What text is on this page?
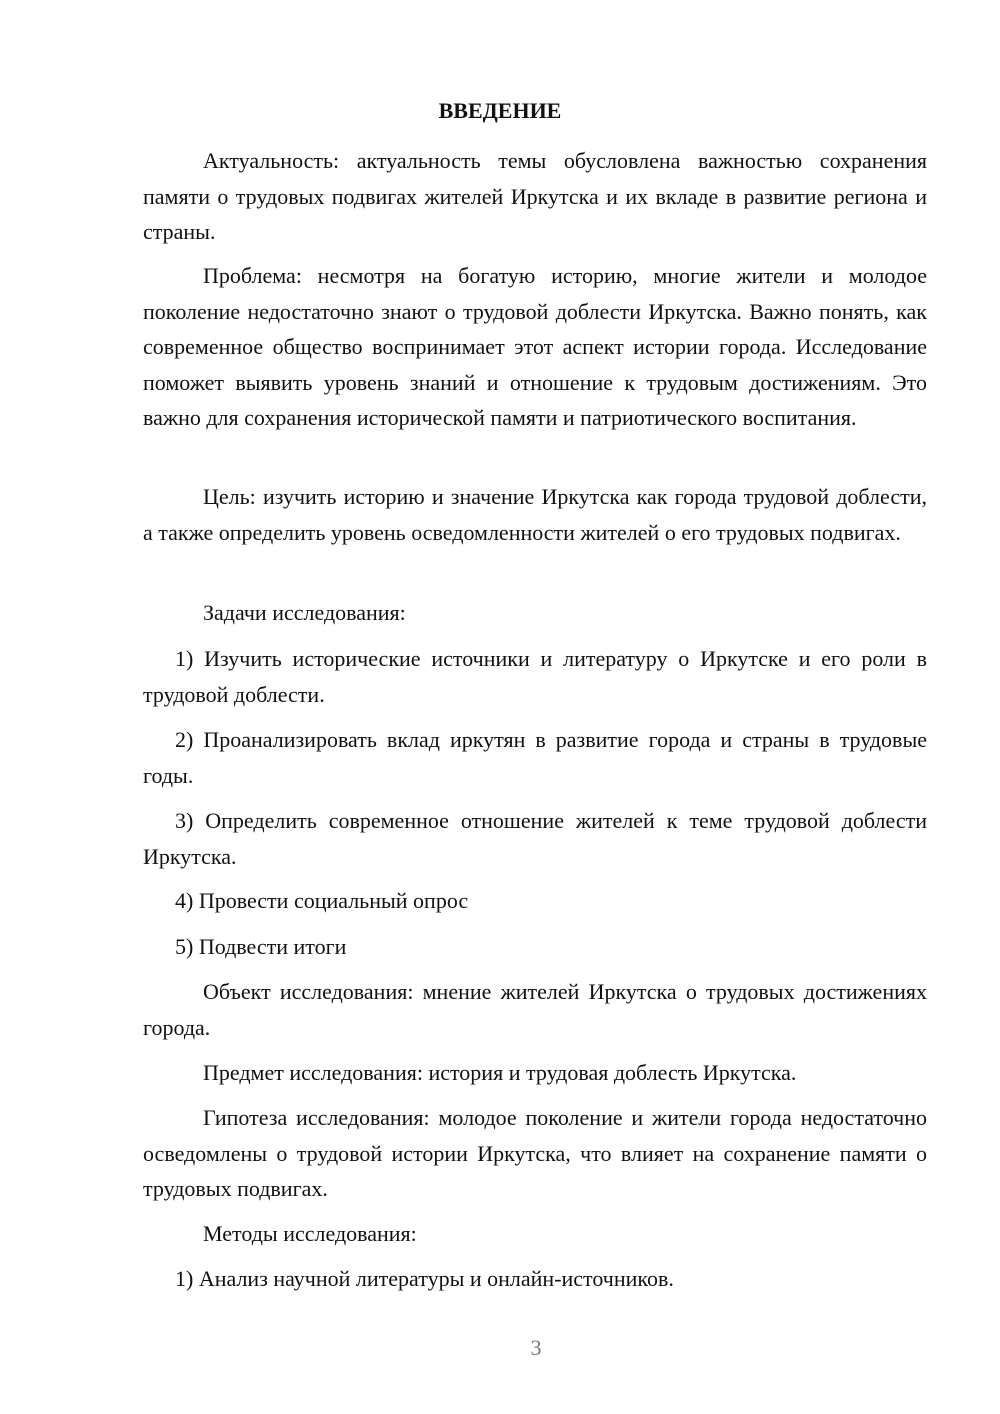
ВВЕДЕНИЕ

Актуальность: актуальность темы обусловлена важностью сохранения памяти о трудовых подвигах жителей Иркутска и их вкладе в развитие региона и страны.

Проблема: несмотря на богатую историю, многие жители и молодое поколение недостаточно знают о трудовой доблести Иркутска. Важно понять, как современное общество воспринимает этот аспект истории города. Исследование поможет выявить уровень знаний и отношение к трудовым достижениям. Это важно для сохранения исторической памяти и патриотического воспитания.

Цель: изучить историю и значение Иркутска как города трудовой доблести, а также определить уровень осведомленности жителей о его трудовых подвигах.

Задачи исследования:

1) Изучить исторические источники и литературу о Иркутске и его роли в трудовой доблести.

2) Проанализировать вклад иркутян в развитие города и страны в трудовые годы.

3) Определить современное отношение жителей к теме трудовой доблести Иркутска.

4) Провести социальный опрос

5) Подвести итоги

Объект исследования: мнение жителей Иркутска о трудовых достижениях города.

Предмет исследования: история и трудовая доблесть Иркутска.

Гипотеза исследования: молодое поколение и жители города недостаточно осведомлены о трудовой истории Иркутска, что влияет на сохранение памяти о трудовых подвигах.

Методы исследования:

1) Анализ научной литературы и онлайн-источников.

3
